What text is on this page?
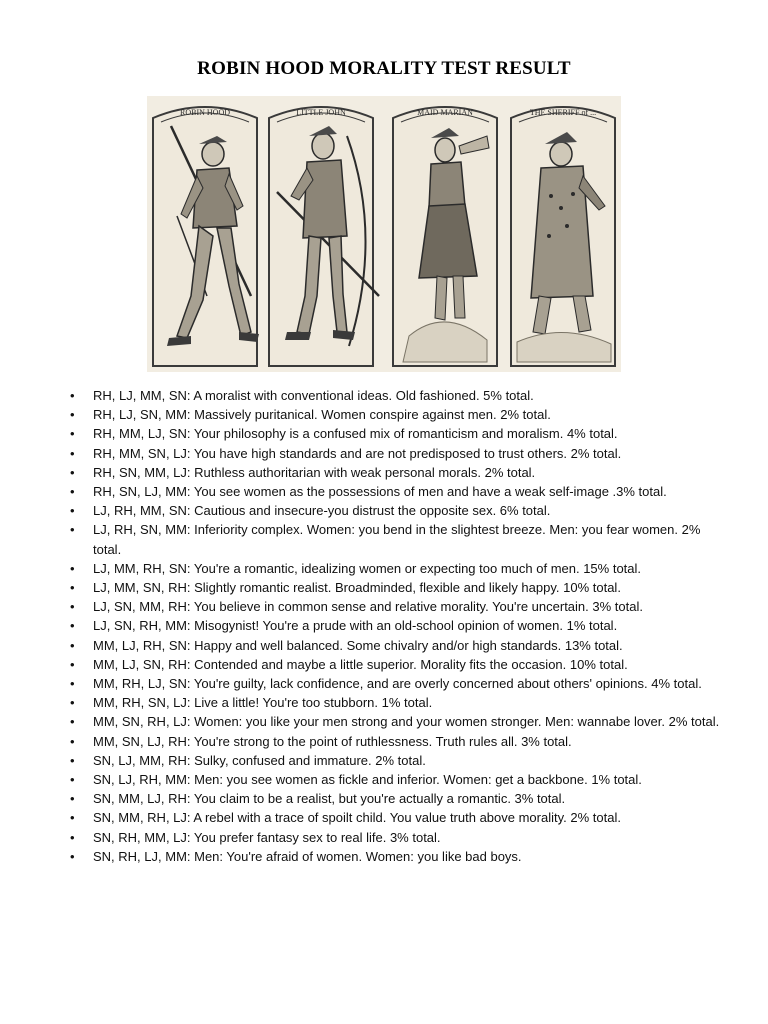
ROBIN HOOD MORALITY TEST RESULT
ROBIN HOOD	LITTLE JOHN	MAID MARIAN	THE SHERIFF of ...
• RH, LJ, MM, SN: A moralist with conventional ideas. Old fashioned. 5% total.
• RH, LJ, SN, MM: Massively puritanical. Women conspire against men. 2% total.
• RH, MM, LJ, SN: Your philosophy is a confused mix of romanticism and moralism. 4% total.
• RH, MM, SN, LJ: You have high standards and are not predisposed to trust others. 2% total.
• RH, SN, MM, LJ: Ruthless authoritarian with weak personal morals. 2% total.
• RH, SN, LJ, MM: You see women as the possessions of men and have a weak self-image .3% total.
• LJ, RH, MM, SN: Cautious and insecure-you distrust the opposite sex. 6% total.
• LJ, RH, SN, MM: Inferiority complex. Women: you bend in the slightest breeze. Men: you fear women. 2% total.
• LJ, MM, RH, SN: You're a romantic, idealizing women or expecting too much of men. 15% total.
• LJ, MM, SN, RH: Slightly romantic realist. Broadminded, flexible and likely happy. 10% total.
• LJ, SN, MM, RH: You believe in common sense and relative morality. You're uncertain. 3% total.
• LJ, SN, RH, MM: Misogynist! You're a prude with an old-school opinion of women. 1% total.
• MM, LJ, RH, SN: Happy and well balanced. Some chivalry and/or high standards. 13% total.
• MM, LJ, SN, RH: Contended and maybe a little superior. Morality fits the occasion. 10% total.
• MM, RH, LJ, SN: You're guilty, lack confidence, and are overly concerned about others' opinions. 4% total.
• MM, RH, SN, LJ: Live a little! You're too stubborn. 1% total.
• MM, SN, RH, LJ: Women: you like your men strong and your women stronger. Men: wannabe lover. 2% total.
• MM, SN, LJ, RH: You're strong to the point of ruthlessness. Truth rules all. 3% total.
• SN, LJ, MM, RH: Sulky, confused and immature. 2% total.
• SN, LJ, RH, MM: Men: you see women as fickle and inferior. Women: get a backbone. 1% total.
• SN, MM, LJ, RH: You claim to be a realist, but you're actually a romantic. 3% total.
• SN, MM, RH, LJ: A rebel with a trace of spoilt child. You value truth above morality. 2% total.
• SN, RH, MM, LJ: You prefer fantasy sex to real life. 3% total.
• SN, RH, LJ, MM: Men: You're afraid of women. Women: you like bad boys.
